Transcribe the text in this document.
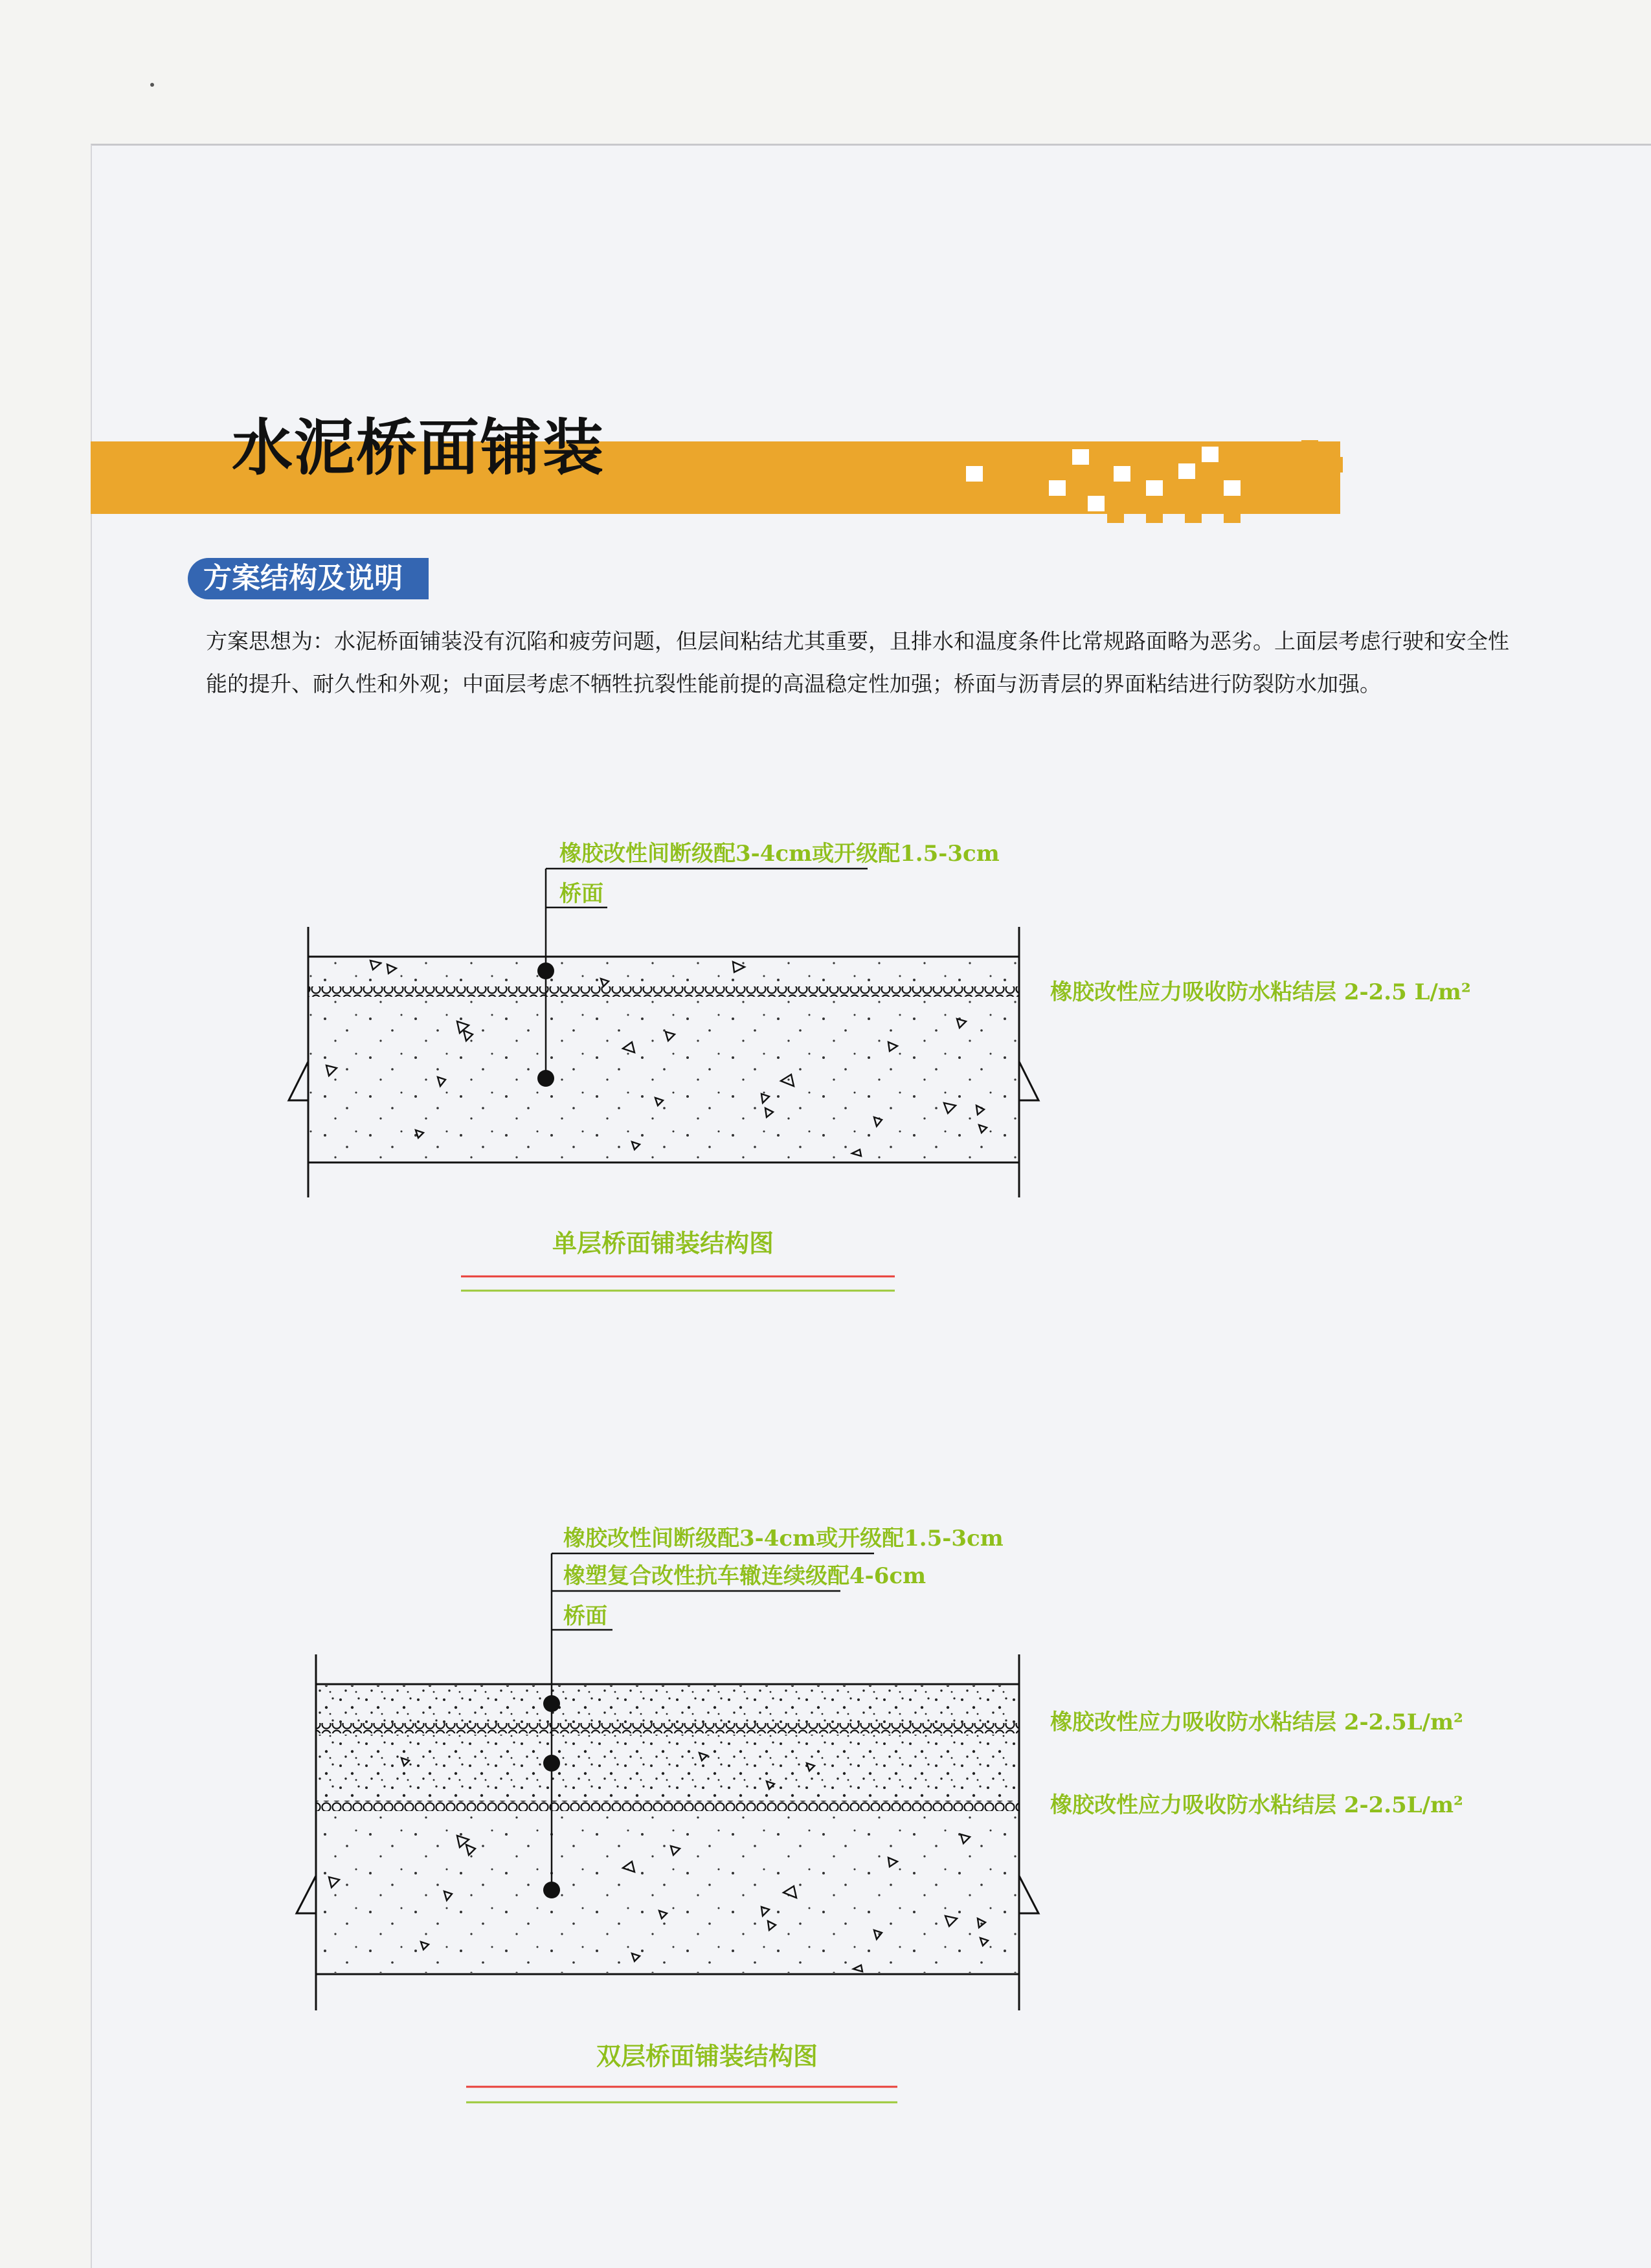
水泥桥面铺装
方案结构及说明
方案思想为：水泥桥面铺装没有沉陷和疲劳问题，但层间粘结尤其重要，且排水和温度条件比常规路面略为恶劣。上面层考虑行驶和安全性能的提升、耐久性和外观；中面层考虑不牺牲抗裂性能前提的高温稳定性加强；桥面与沥青层的界面粘结进行防裂防水加强。
橡胶改性间断级配3-4cm或开级配1.5-3cm
桥面
橡胶改性应力吸收防水粘结层 2-2.5 L/m²
单层桥面铺装结构图
橡胶改性间断级配3-4cm或开级配1.5-3cm
橡塑复合改性抗车辙连续级配4-6cm
桥面
橡胶改性应力吸收防水粘结层 2-2.5L/m²
橡胶改性应力吸收防水粘结层 2-2.5L/m²
双层桥面铺装结构图
